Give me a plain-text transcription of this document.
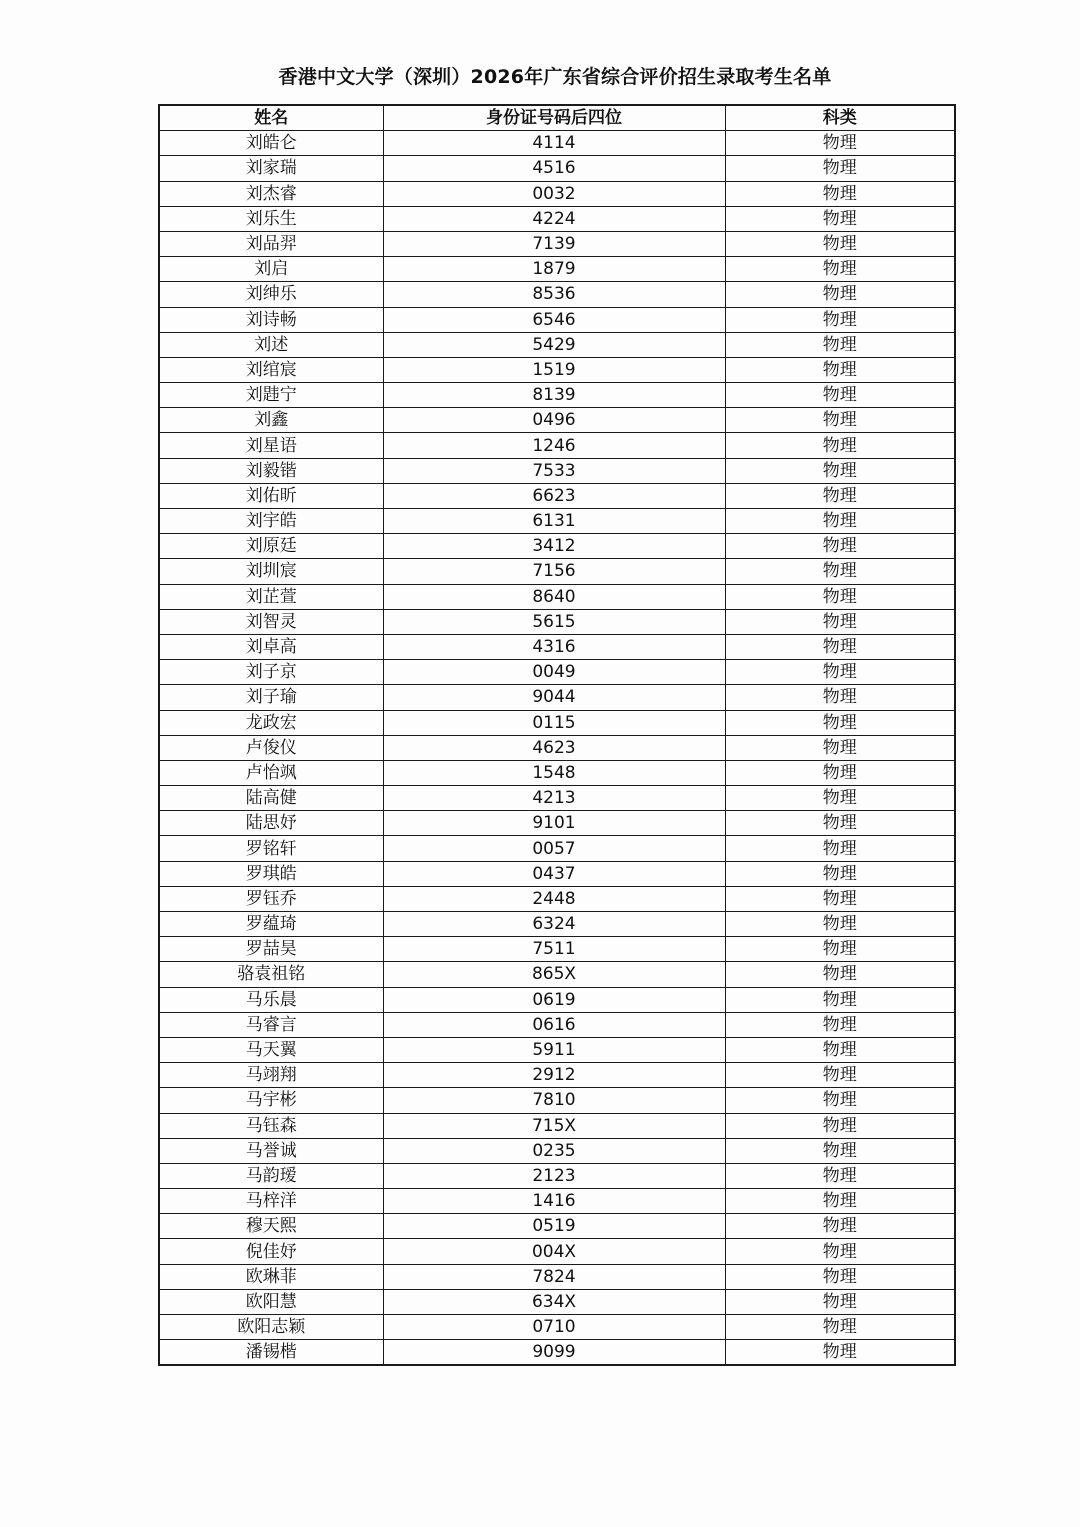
香港中文大学（深圳）2026年广东省综合评价招生录取考生名单
姓名	身份证号码后四位	科类
刘皓仑	4114	物理
刘家瑞	4516	物理
刘杰睿	0032	物理
刘乐生	4224	物理
刘品羿	7139	物理
刘启	1879	物理
刘绅乐	8536	物理
刘诗畅	6546	物理
刘述	5429	物理
刘绾宸	1519	物理
刘韪宁	8139	物理
刘鑫	0496	物理
刘星语	1246	物理
刘毅锴	7533	物理
刘佑昕	6623	物理
刘宇皓	6131	物理
刘原廷	3412	物理
刘圳宸	7156	物理
刘芷萱	8640	物理
刘智灵	5615	物理
刘卓高	4316	物理
刘子京	0049	物理
刘子瑜	9044	物理
龙政宏	0115	物理
卢俊仪	4623	物理
卢怡飒	1548	物理
陆高健	4213	物理
陆思妤	9101	物理
罗铭轩	0057	物理
罗琪皓	0437	物理
罗钰乔	2448	物理
罗蕴琦	6324	物理
罗喆昊	7511	物理
骆袁祖铭	865X	物理
马乐晨	0619	物理
马睿言	0616	物理
马天翼	5911	物理
马翊翔	2912	物理
马宇彬	7810	物理
马钰森	715X	物理
马誉诚	0235	物理
马韵瑷	2123	物理
马梓洋	1416	物理
穆天熙	0519	物理
倪佳妤	004X	物理
欧琳菲	7824	物理
欧阳慧	634X	物理
欧阳志颖	0710	物理
潘锡楷	9099	物理
